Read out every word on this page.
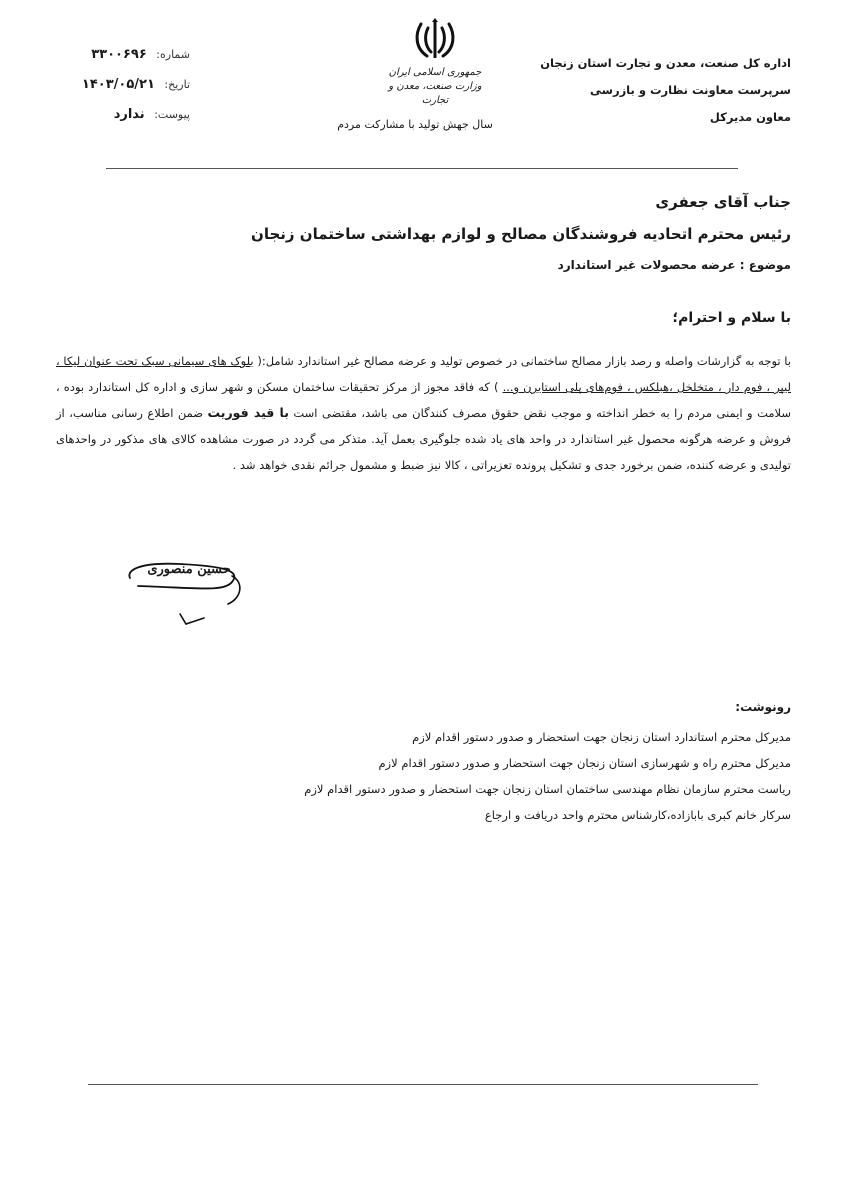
اداره کل صنعت، معدن و تجارت استان زنجان
سرپرست معاونت نظارت و بازرسی
معاون مدیرکل
جمهوری اسلامی ایران
وزارت صنعت، معدن و تجارت
سال جهش تولید با مشارکت مردم
شماره: ۳۳۰۰۶۹۶
تاریخ: ۱۴۰۳/۰۵/۲۱
پیوست: ندارد
جناب آقای جعفری
رئیس محترم اتحادیه فروشندگان مصالح و لوازم بهداشتی ساختمان زنجان
موضوع : عرضه محصولات غیر استاندارد
با سلام و احترام؛
با توجه به گزارشات واصله و رصد بازار مصالح ساختمانی در خصوص تولید و عرضه مصالح غیر استاندارد شامل:( بلوک های سیمانی سبک تحت عنوان لیکا ، لیپر ، فوم دار ، متخلخل ،هبلکس ، فوم‌های پلی استایرن و... ) که فاقد مجوز از مرکز تحقیقات ساختمان مسکن و شهر سازی و اداره کل استاندارد بوده ، سلامت و ایمنی مردم را به خطر انداخته و موجب نقض حقوق مصرف کنندگان می باشد، مقتضی است با قید فوریت ضمن اطلاع رسانی مناسب، از فروش و عرضه هرگونه محصول غیر استاندارد در واحد های یاد شده جلوگیری بعمل آید. متذکر می گردد در صورت مشاهده کالای های مذکور در واحدهای تولیدی و عرضه کننده، ضمن برخورد جدی و تشکیل پرونده تعزیراتی ، کالا نیز ضبط و مشمول جرائم نقدی خواهد شد .
حسین منصوری
رونوشت:
مدیرکل محترم استاندارد استان زنجان جهت استحضار و صدور دستور اقدام لازم
مدیرکل محترم راه و شهرسازی استان زنجان جهت استحضار و صدور دستور اقدام لازم
ریاست محترم سازمان نظام مهندسی ساختمان استان زنجان جهت استحضار و صدور دستور اقدام لازم
سرکار خانم کبری بابازاده،کارشناس محترم واحد دریافت و ارجاع
